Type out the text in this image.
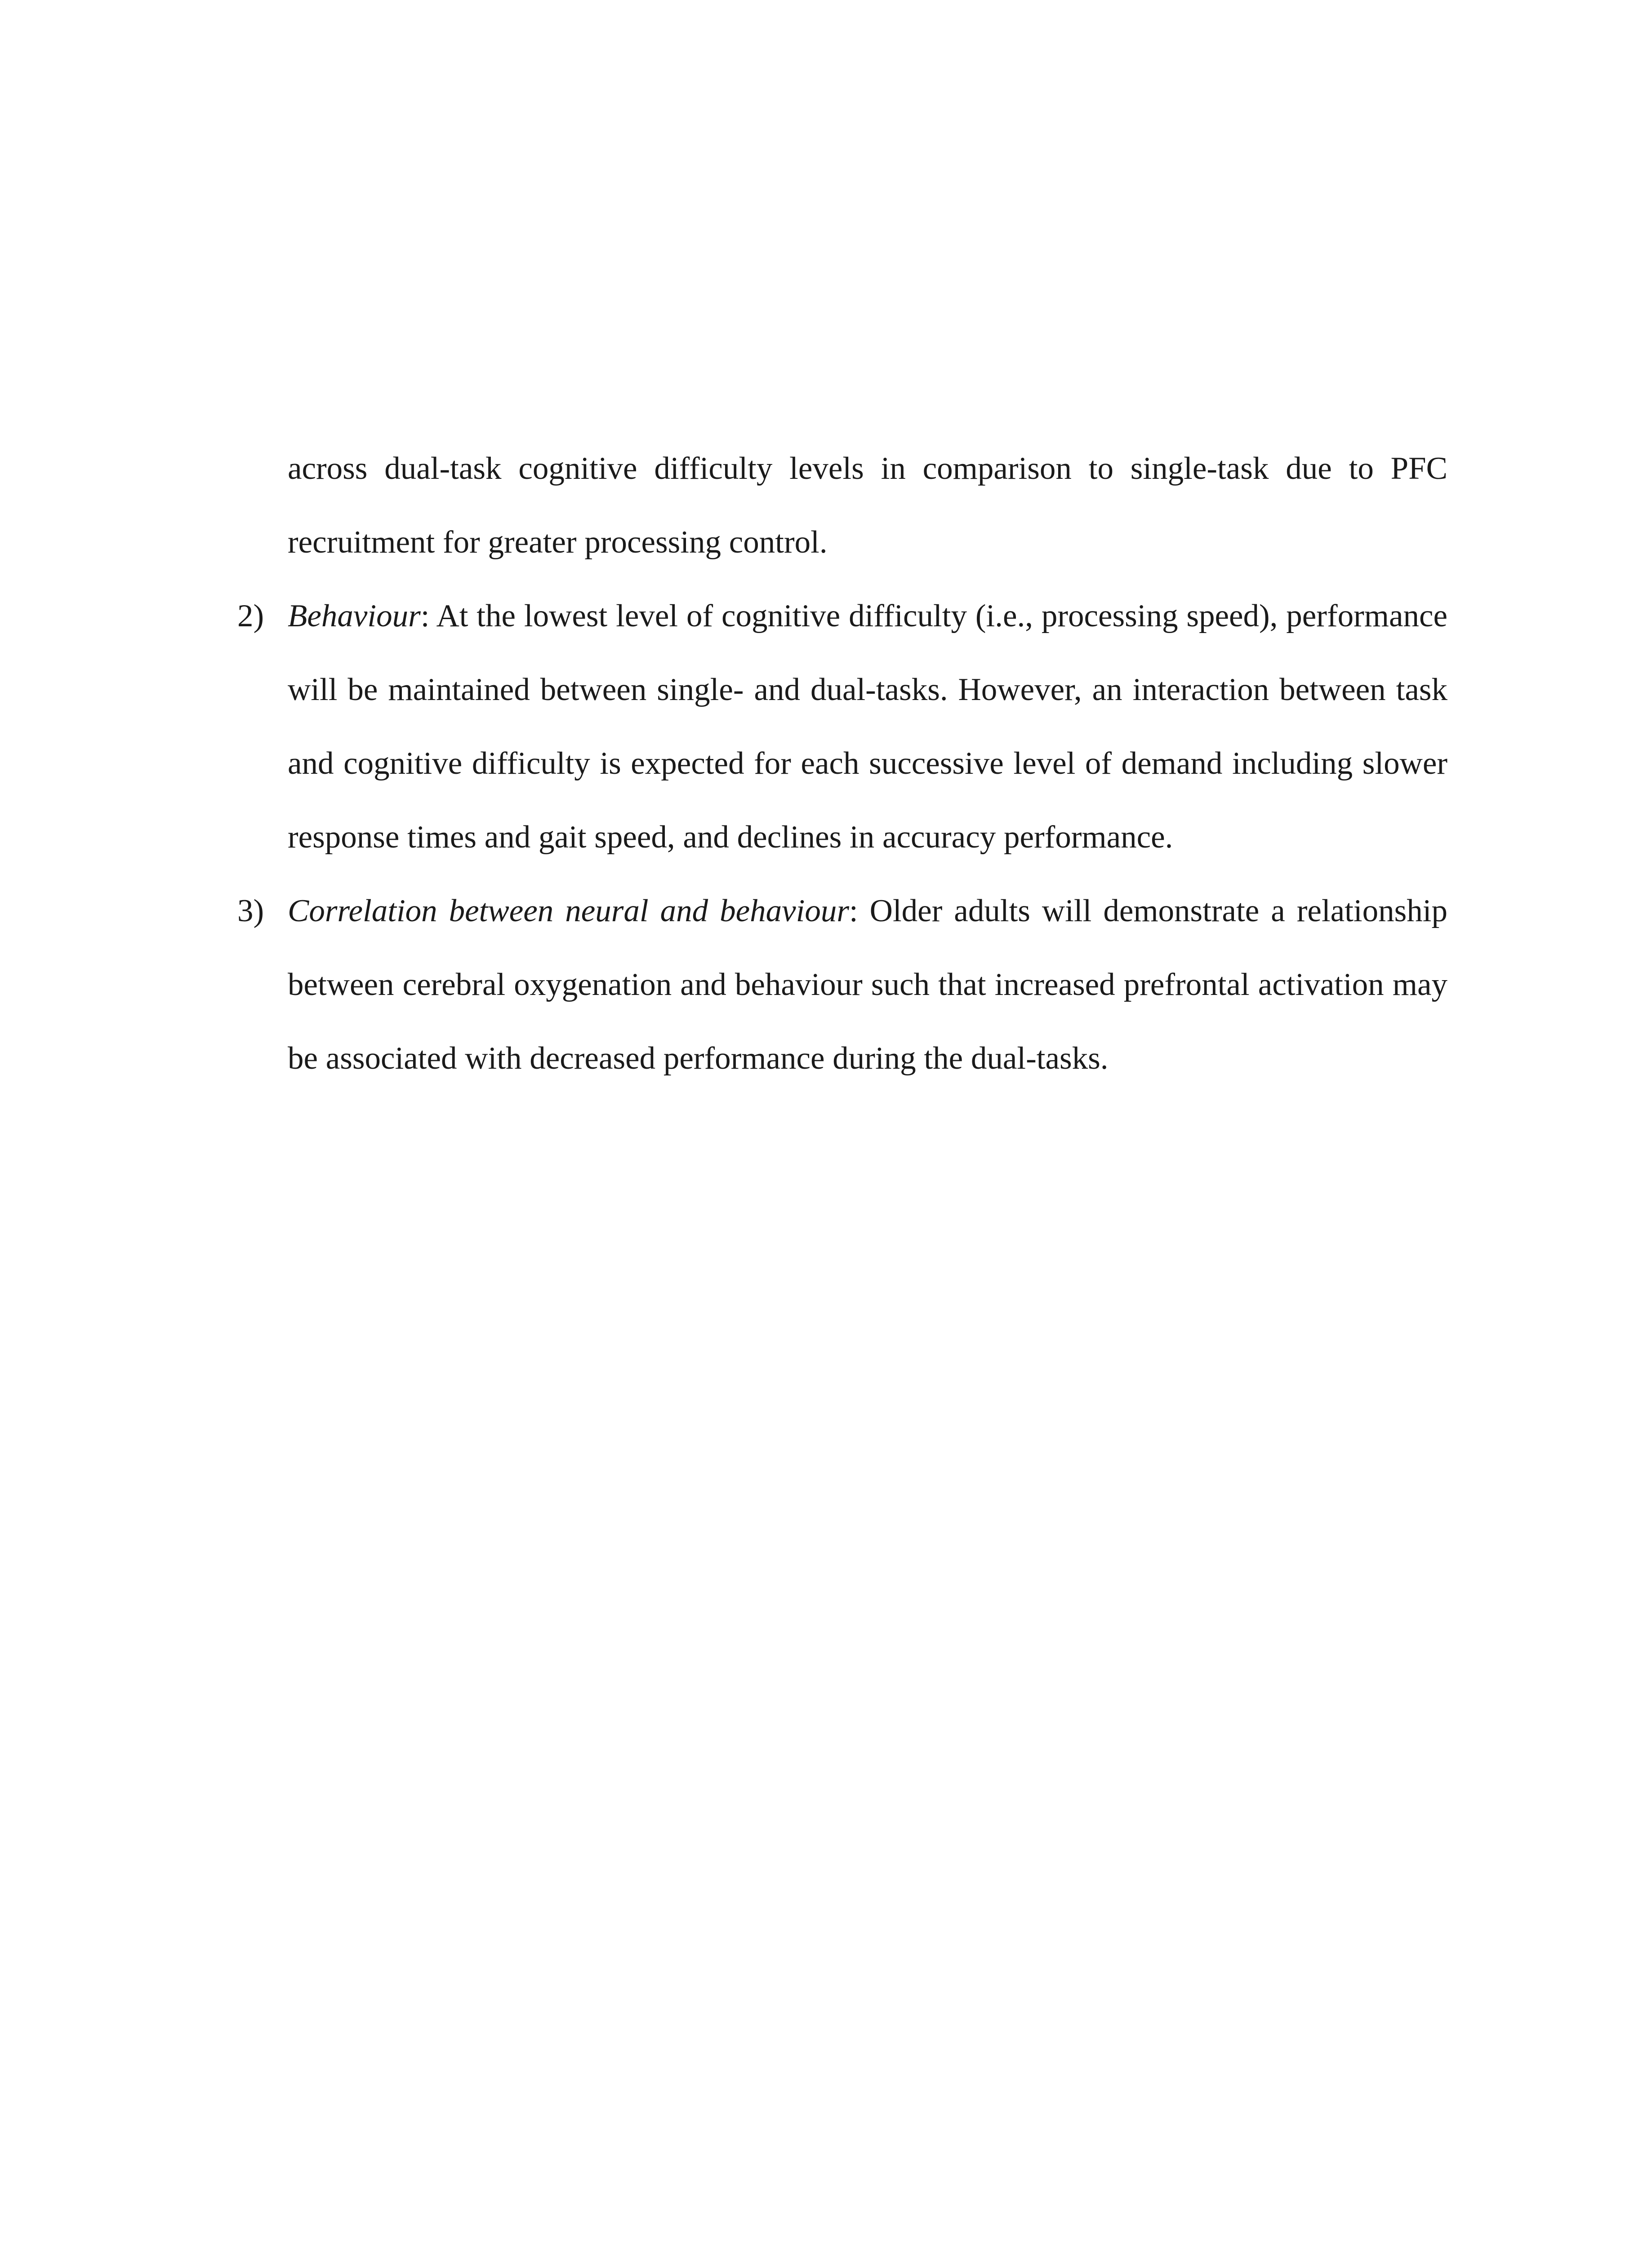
across dual-task cognitive difficulty levels in comparison to single-task due to PFC recruitment for greater processing control.

2) Behaviour: At the lowest level of cognitive difficulty (i.e., processing speed), performance will be maintained between single- and dual-tasks. However, an interaction between task and cognitive difficulty is expected for each successive level of demand including slower response times and gait speed, and declines in accuracy performance.

3) Correlation between neural and behaviour: Older adults will demonstrate a relationship between cerebral oxygenation and behaviour such that increased prefrontal activation may be associated with decreased performance during the dual-tasks.
